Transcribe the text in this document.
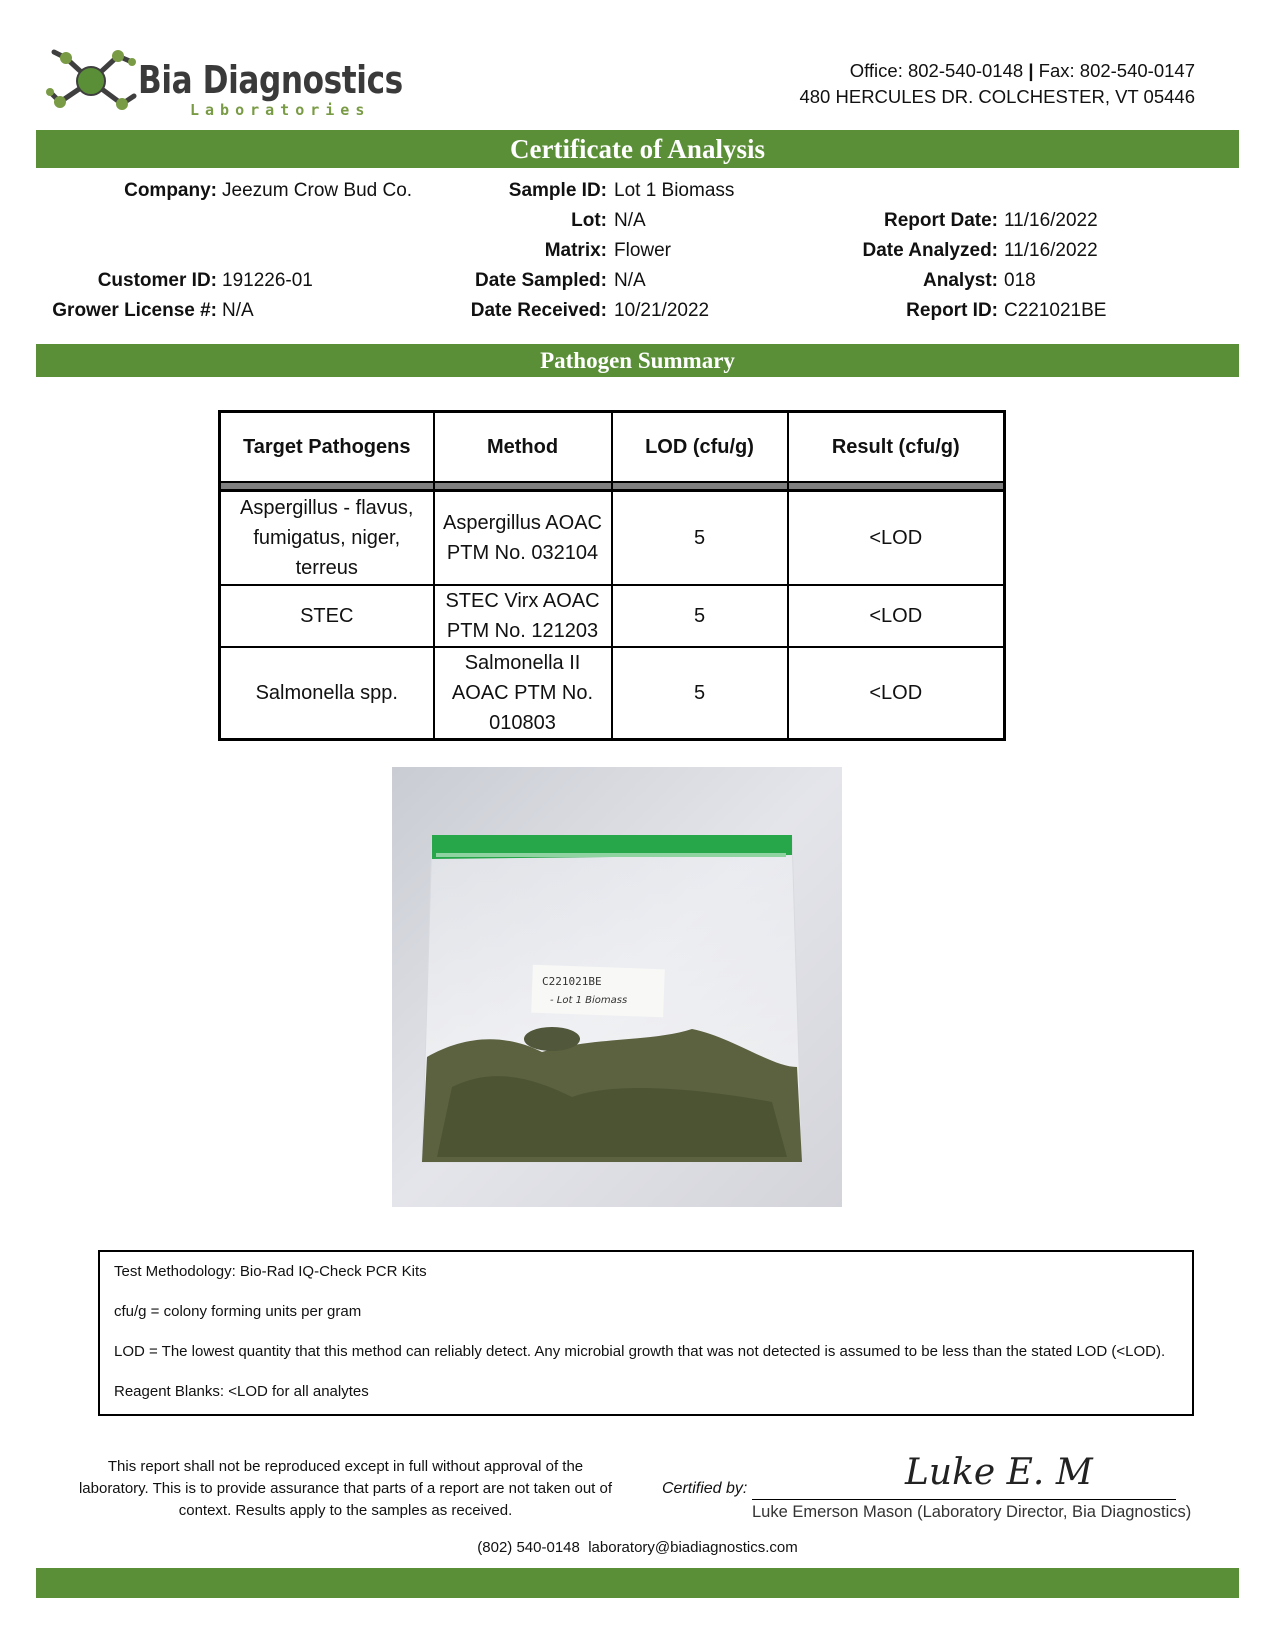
Bia Diagnostics
Laboratories
Office: 802-540-0148 | Fax: 802-540-0147
480 HERCULES DR. COLCHESTER, VT 05446
Certificate of Analysis
Company: Jeezum Crow Bud Co.
Customer ID: 191226-01
Grower License #: N/A
Sample ID: Lot 1 Biomass
Lot: N/A
Matrix: Flower
Date Sampled: N/A
Date Received: 10/21/2022
Report Date: 11/16/2022
Date Analyzed: 11/16/2022
Analyst: 018
Report ID: C221021BE
Pathogen Summary
Target Pathogens	Method	LOD (cfu/g)	Result (cfu/g)

Aspergillus - flavus, fumigatus, niger, terreus	Aspergillus AOAC PTM No. 032104	5	<LOD
STEC	STEC Virx AOAC PTM No. 121203	5	<LOD
Salmonella spp.	Salmonella II AOAC PTM No. 010803	5	<LOD
C221021BE
- Lot 1 Biomass

Test Methodology: Bio-Rad IQ-Check PCR Kits

cfu/g = colony forming units per gram

LOD = The lowest quantity that this method can reliably detect. Any microbial growth that was not detected is assumed to be less than the stated LOD (<LOD).

Reagent Blanks: <LOD for all analytes

This report shall not be reproduced except in full without approval of the laboratory. This is to provide assurance that parts of a report are not taken out of context. Results apply to the samples as received.
Certified by:	Luke E. M
Luke Emerson Mason (Laboratory Director, Bia Diagnostics)
(802) 540-0148 laboratory@biadiagnostics.com
